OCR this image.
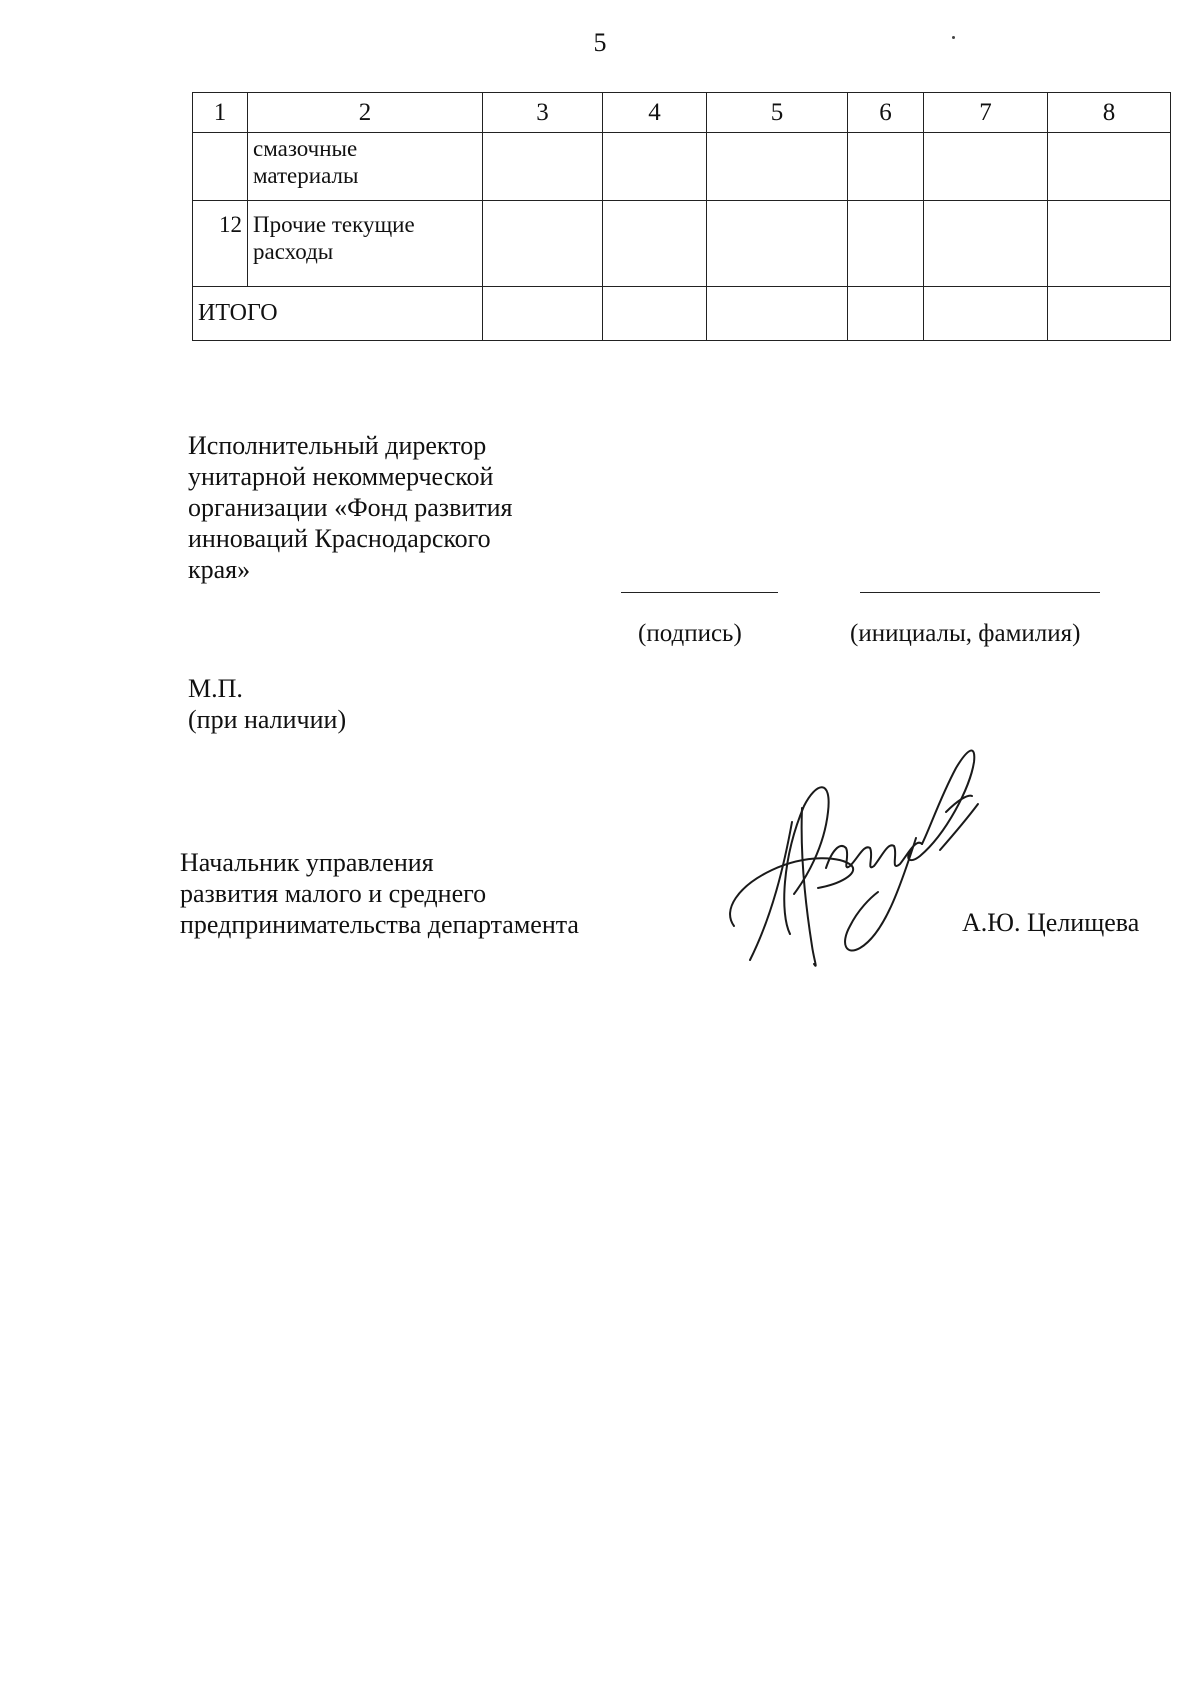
5
1	2	3	4	5	6	7	8

	смазочные
материалы						

12	Прочие текущие
расходы						

ИТОГО							
Исполнительный директор
унитарной некоммерческой
организации «Фонд развития
инноваций Краснодарского
края»
(подпись)	(инициалы, фамилия)
М.П.
(при наличии)
Начальник управления
развития малого и среднего
предпринимательства департамента	А.Ю. Целищева
